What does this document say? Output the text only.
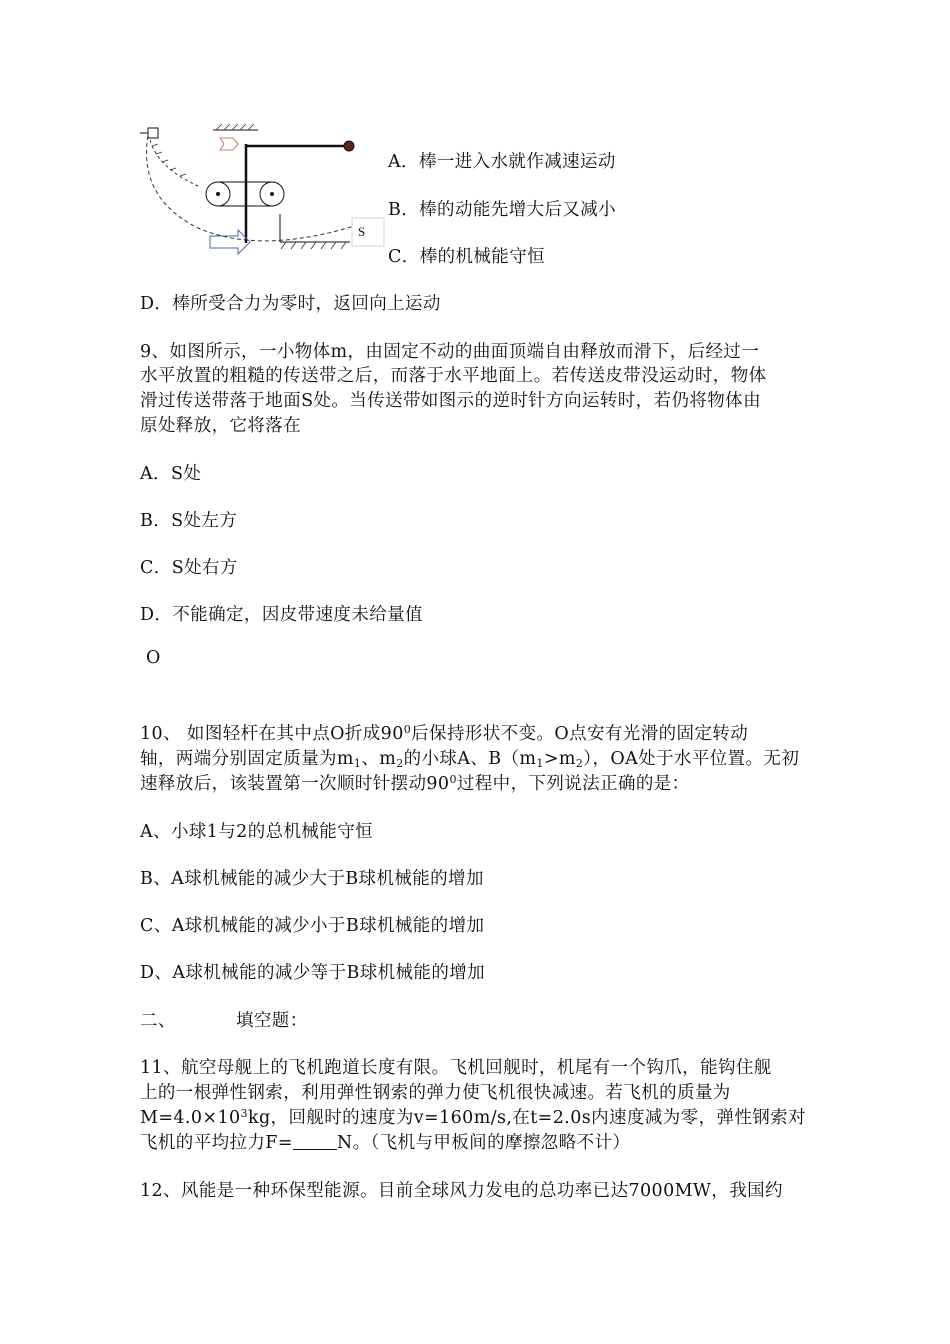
S
A．棒一进入水就作减速运动
B．棒的动能先增大后又减小
C．棒的机械能守恒
D．棒所受合力为零时，返回向上运动
9、如图所示，一小物体m，由固定不动的曲面顶端自由释放而滑下，后经过一
水平放置的粗糙的传送带之后，而落于水平地面上。若传送皮带没运动时，物体
滑过传送带落于地面S处。当传送带如图示的逆时针方向运转时，若仍将物体由
原处释放，它将落在
A．S处
B．S处左方
C．S处右方
D．不能确定，因皮带速度未给量值
O
10、 如图轻杆在其中点O折成$90^0$后保持形状不变。O点安有光滑的固定转动
轴，两端分别固定质量为$m_1$、$m_2$的小球A、$B(m_1>m_2)$，OA处于水平位置。无初
速释放后，该装置第一次顺时针摆动$90^0$过程中，下列说法正确的是：
A、小球1与2的总机械能守恒
B、A球机械能的减少大于B球机械能的增加
C、A球机械能的减少小于B球机械能的增加
D、A球机械能的减少等于B球机械能的增加
二、	填空题：
11、航空母舰上的飞机跑道长度有限。飞机回舰时，机尾有一个钩爪，能钩住舰
上的一根弹性钢索，利用弹性钢索的弹力使飞机很快减速。若飞机的质量为
$M=4.0\times 10^3kg$，回舰时的速度为v=160m/s,在t=2.0s内速度减为零，弹性钢索对
飞机的平均拉力F=	N。（飞机与甲板间的摩擦忽略不计）
12、风能是一种环保型能源。目前全球风力发电的总功率已达7000MW，我国约
